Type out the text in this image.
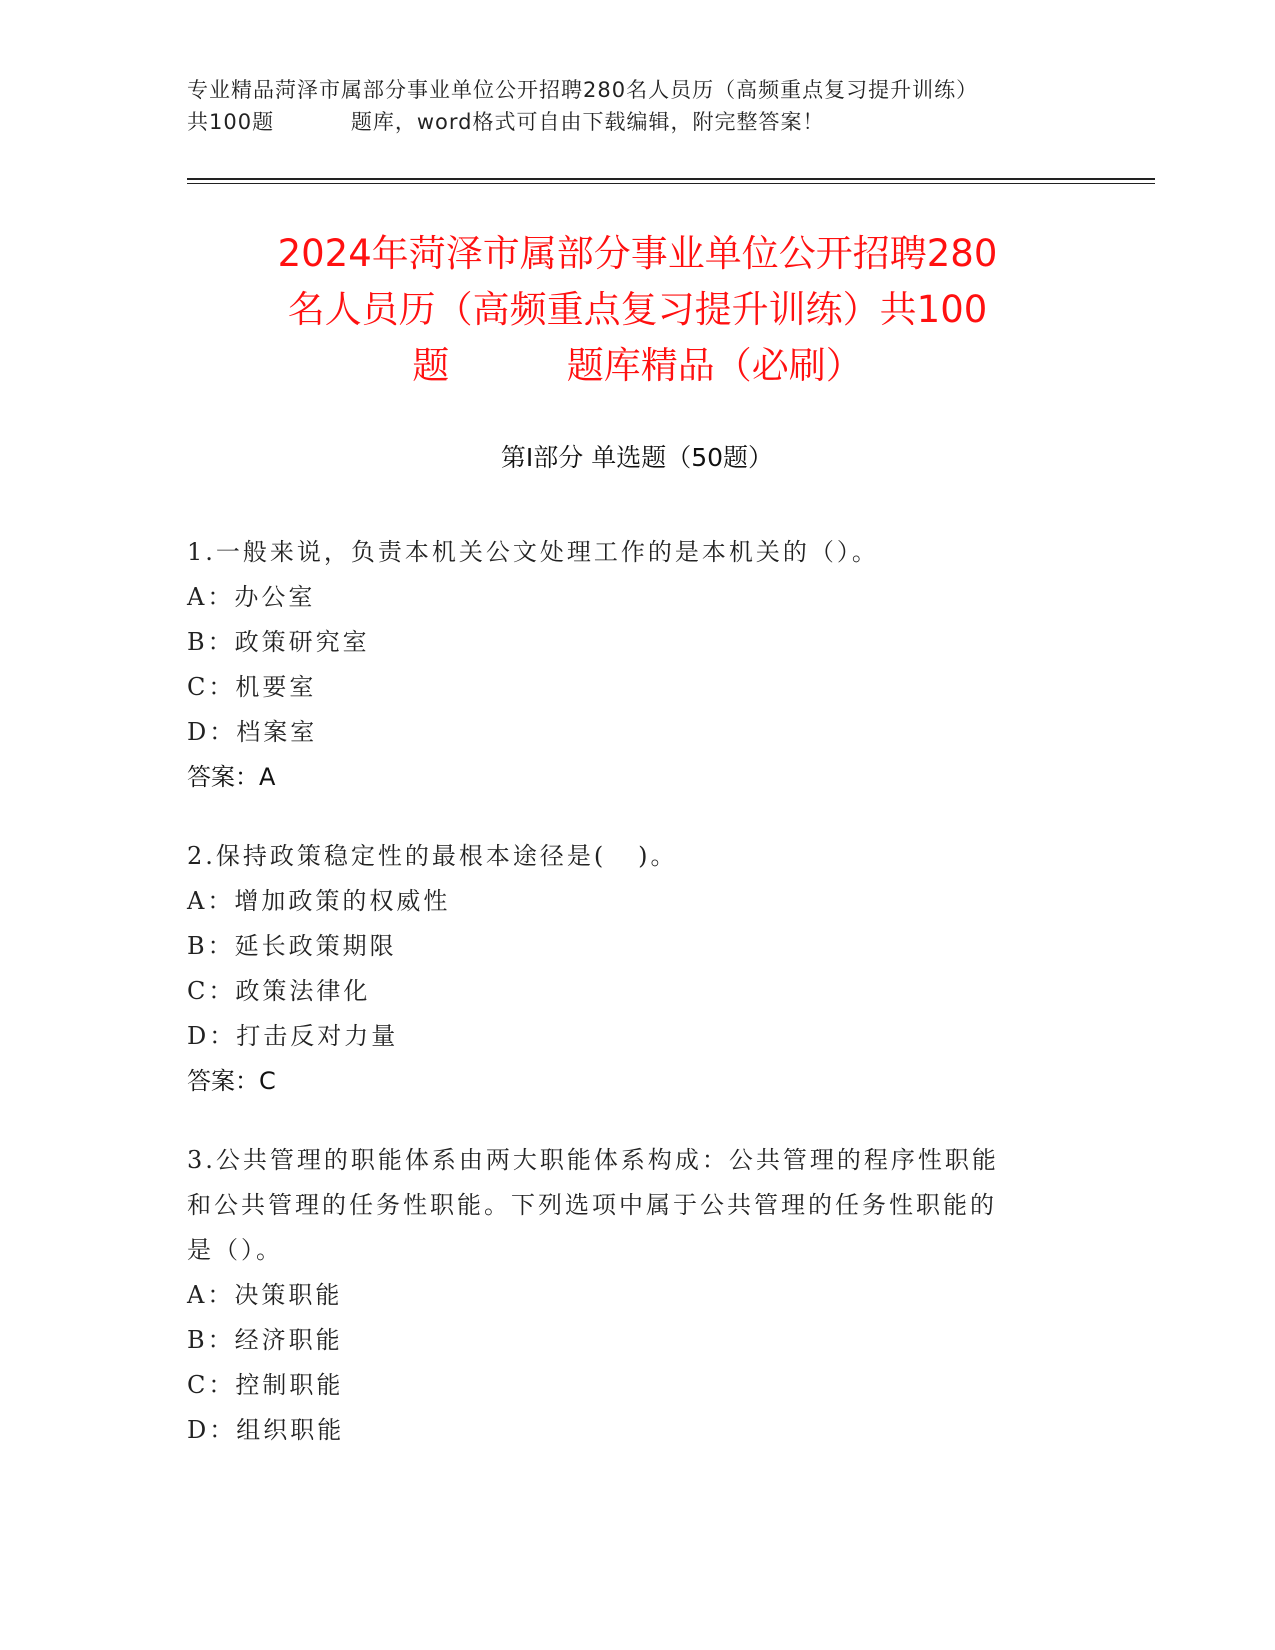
专业精品菏泽市属部分事业单位公开招聘280名人员历（高频重点复习提升训练）
共100题          题库，word格式可自由下载编辑，附完整答案！
2024年菏泽市属部分事业单位公开招聘280
名人员历（高频重点复习提升训练）共100
题          题库精品（必刷）
第Ⅰ部分 单选题（50题）
1.一般来说，负责本机关公文处理工作的是本机关的（）。
A：办公室
B：政策研究室
C：机要室
D：档案室
答案：A
2.保持政策稳定性的最根本途径是(   )。
A：增加政策的权威性
B：延长政策期限
C：政策法律化
D：打击反对力量
答案：C
3.公共管理的职能体系由两大职能体系构成：公共管理的程序性职能
和公共管理的任务性职能。下列选项中属于公共管理的任务性职能的
是（）。
A：决策职能
B：经济职能
C：控制职能
D：组织职能
